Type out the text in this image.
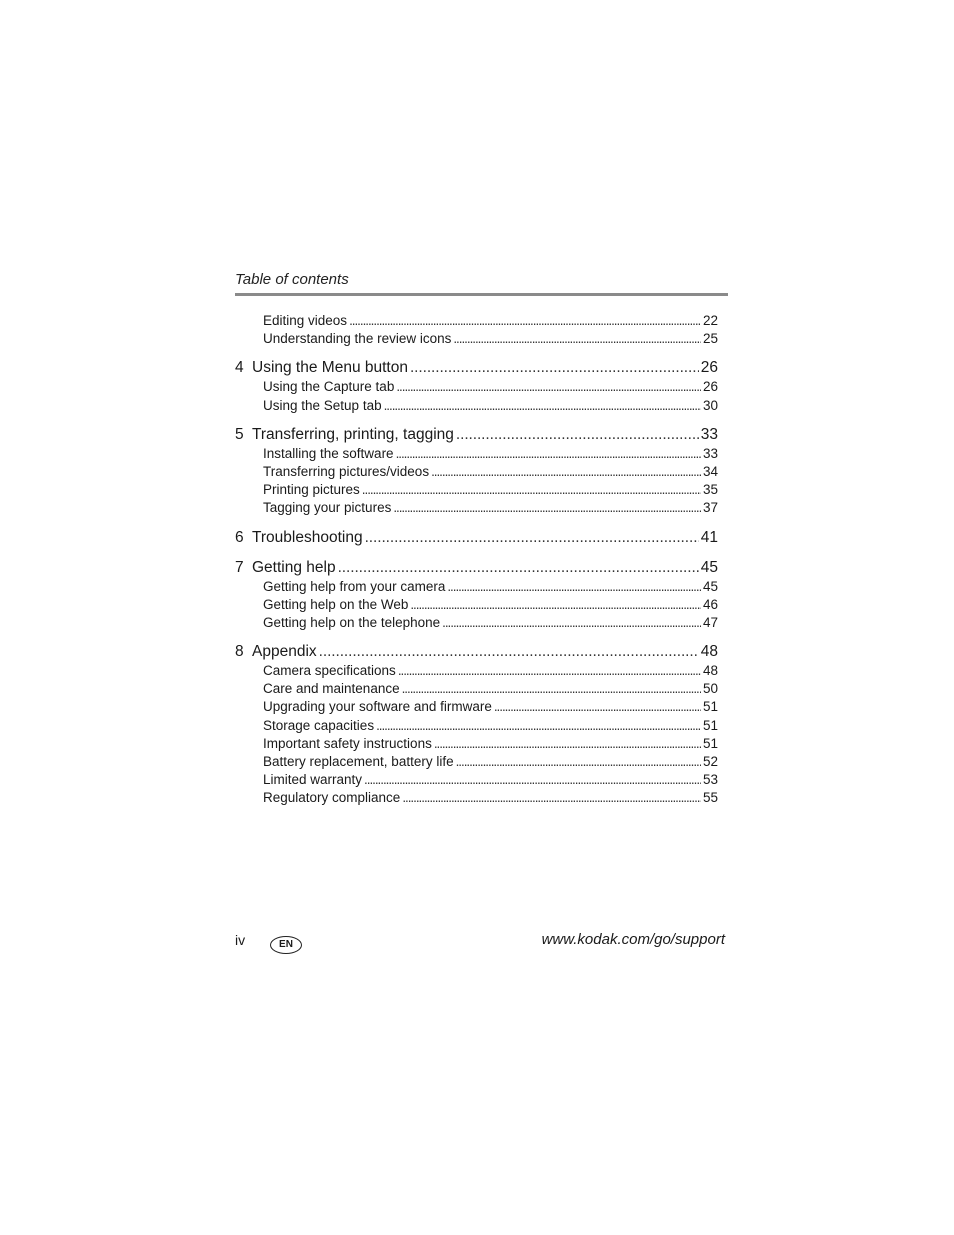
Table of contents
Editing videos . . .	22
Understanding the review icons . . .	25
4 Using the Menu button . . .	26
Using the Capture tab . . .	26
Using the Setup tab . . .	30
5 Transferring, printing, tagging . . .	33
Installing the software . . .	33
Transferring pictures/videos . . .	34
Printing pictures . . .	35
Tagging your pictures . . .	37
6 Troubleshooting . . .	41
7 Getting help . . .	45
Getting help from your camera . . .	45
Getting help on the Web . . .	46
Getting help on the telephone . . .	47
8 Appendix . . .	48
Camera specifications . . .	48
Care and maintenance . . .	50
Upgrading your software and firmware . . .	51
Storage capacities . . .	51
Important safety instructions . . .	51
Battery replacement, battery life . . .	52
Limited warranty . . .	53
Regulatory compliance . . .	55
iv	EN	www.kodak.com/go/support
